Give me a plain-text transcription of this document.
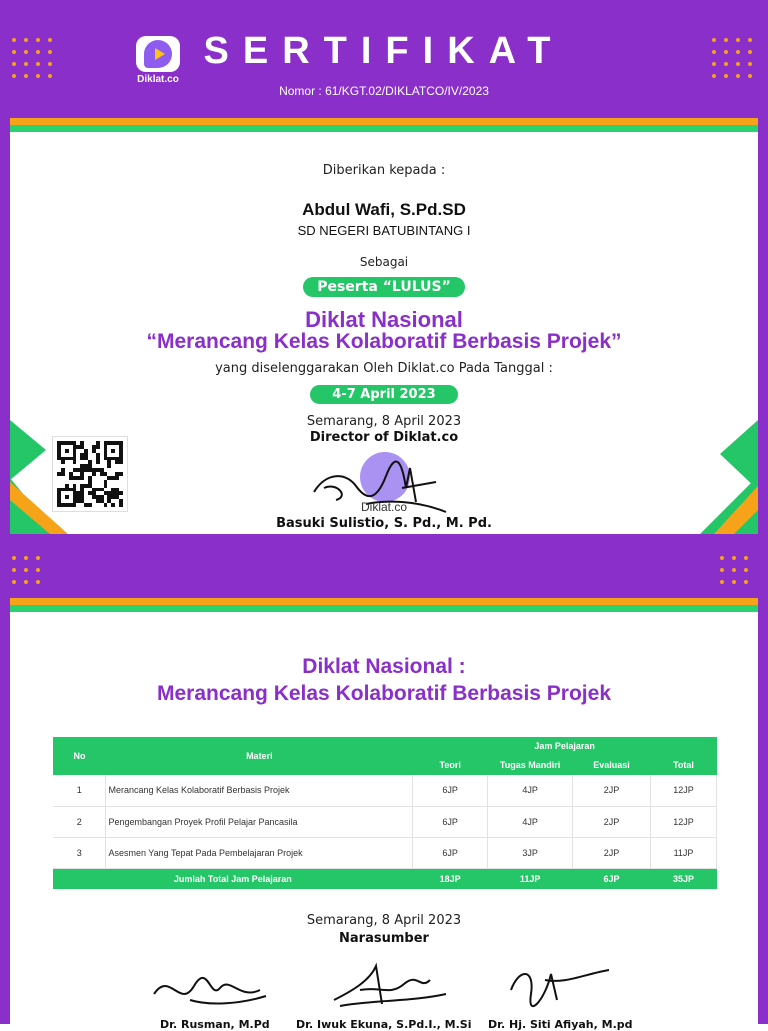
Diklat.co
SERTIFIKAT
Nomor : 61/KGT.02/DIKLATCO/IV/2023
Diberikan kepada :
Abdul Wafi, S.Pd.SD
SD NEGERI BATUBINTANG I
Sebagai
Peserta “LULUS”
Diklat Nasional
“Merancang Kelas Kolaboratif Berbasis Projek”
yang diselenggarakan Oleh Diklat.co Pada Tanggal :
4-7 April 2023
Semarang, 8 April 2023
Director of Diklat.co
Diklat.co
Basuki Sulistio, S. Pd., M. Pd.
Diklat Nasional :
Merancang Kelas Kolaboratif Berbasis Projek
No	Materi	Jam Pelajaran			
		Teori	Tugas Mandiri	Evaluasi	Total
1	Merancang Kelas Kolaboratif Berbasis Projek	6JP	4JP	2JP	12JP
2	Pengembangan Proyek Profil Pelajar Pancasila	6JP	4JP	2JP	12JP
3	Asesmen Yang Tepat Pada Pembelajaran Projek	6JP	3JP	2JP	11JP
Jumlah Total Jam Pelajaran		18JP	11JP	6JP	35JP
Semarang, 8 April 2023
Narasumber
Dr. Rusman, M.Pd Dr. Iwuk Ekuna, S.Pd.I., M.Si Dr. Hj. Siti Afiyah, M.pd
